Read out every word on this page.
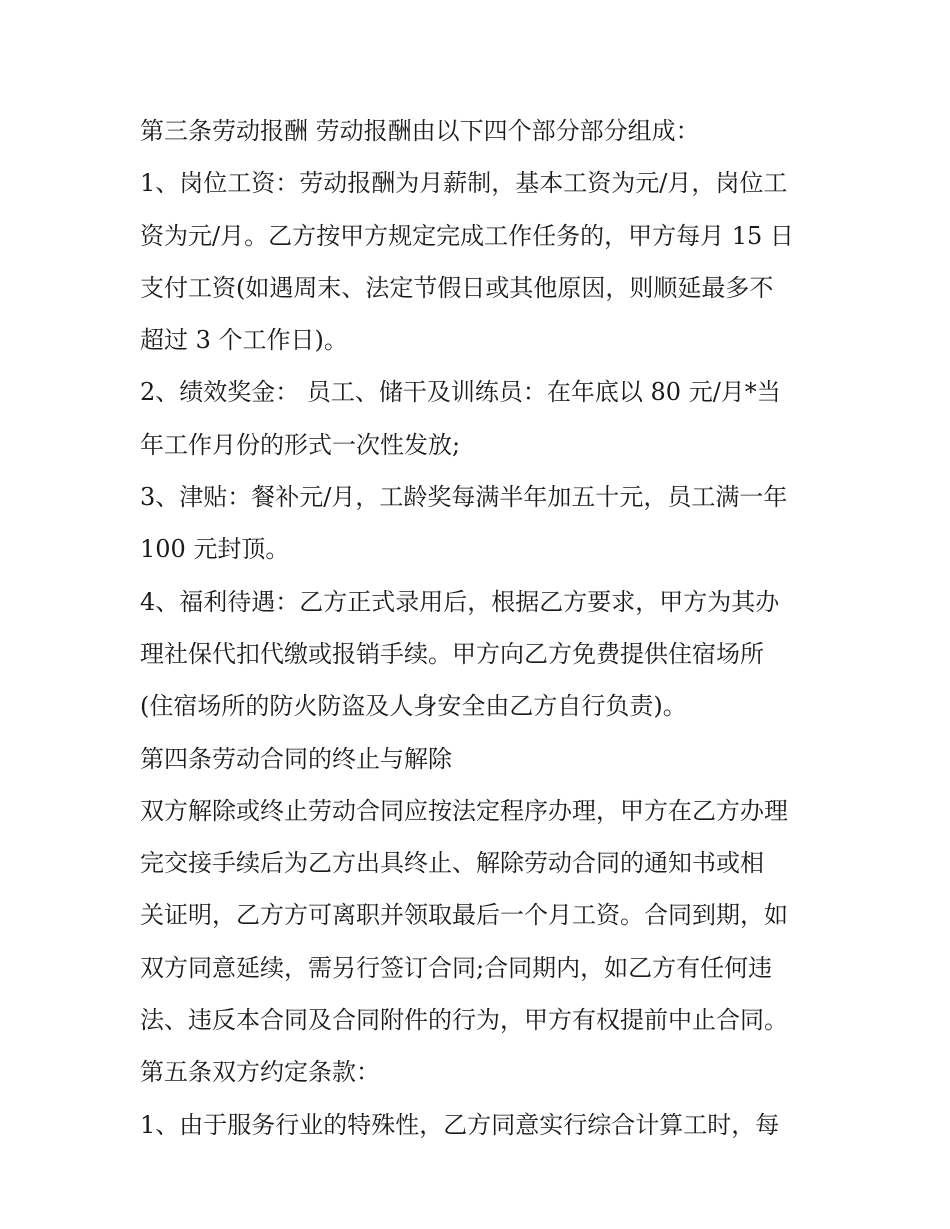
第三条劳动报酬 劳动报酬由以下四个部分部分组成：
1、岗位工资：劳动报酬为月薪制，基本工资为元/月，岗位工
资为元/月。乙方按甲方规定完成工作任务的，甲方每月 15 日
支付工资(如遇周末、法定节假日或其他原因，则顺延最多不
超过 3 个工作日)。
2、绩效奖金： 员工、储干及训练员：在年底以 80 元/月*当
年工作月份的形式一次性发放;
3、津贴：餐补元/月，工龄奖每满半年加五十元，员工满一年
100 元封顶。
4、福利待遇：乙方正式录用后，根据乙方要求，甲方为其办
理社保代扣代缴或报销手续。甲方向乙方免费提供住宿场所
(住宿场所的防火防盗及人身安全由乙方自行负责)。
第四条劳动合同的终止与解除
双方解除或终止劳动合同应按法定程序办理，甲方在乙方办理
完交接手续后为乙方出具终止、解除劳动合同的通知书或相
关证明，乙方方可离职并领取最后一个月工资。合同到期，如
双方同意延续，需另行签订合同;合同期内，如乙方有任何违
法、违反本合同及合同附件的行为，甲方有权提前中止合同。
第五条双方约定条款：
1、由于服务行业的特殊性，乙方同意实行综合计算工时，每
